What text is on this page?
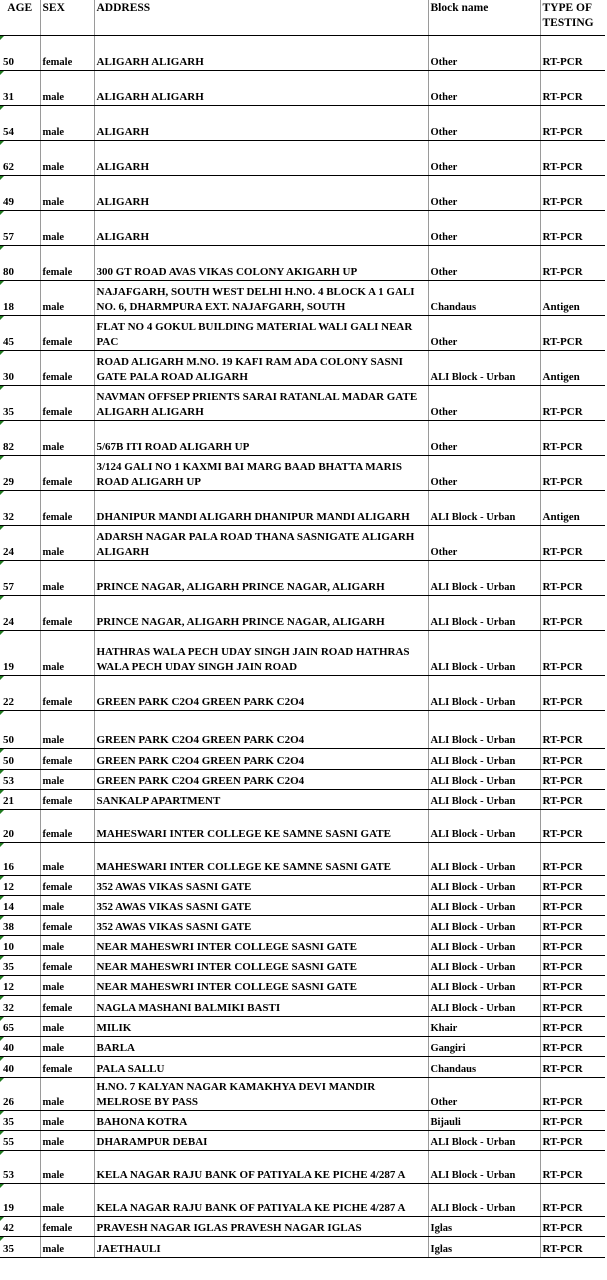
AGE	SEX	ADDRESS	Block name	TYPE OF TESTING
50	female	ALIGARH ALIGARH	Other	RT-PCR
31	male	ALIGARH ALIGARH	Other	RT-PCR
54	male	ALIGARH	Other	RT-PCR
62	male	ALIGARH	Other	RT-PCR
49	male	ALIGARH	Other	RT-PCR
57	male	ALIGARH	Other	RT-PCR
80	female	300 GT ROAD AVAS VIKAS COLONY AKIGARH UP	Other	RT-PCR
18	male	NAJAFGARH, SOUTH WEST DELHI H.NO. 4 BLOCK A 1 GALI NO. 6, DHARMPURA EXT. NAJAFGARH, SOUTH	Chandaus	Antigen
45	female	FLAT NO 4 GOKUL BUILDING MATERIAL WALI GALI NEAR PAC	Other	RT-PCR
30	female	ROAD ALIGARH M.NO. 19 KAFI RAM ADA COLONY SASNI GATE PALA ROAD ALIGARH	ALI Block - Urban	Antigen
35	female	NAVMAN OFFSEP PRIENTS SARAI RATANLAL MADAR GATE ALIGARH ALIGARH	Other	RT-PCR
82	male	5/67B ITI ROAD ALIGARH UP	Other	RT-PCR
29	female	3/124 GALI NO 1 KAXMI BAI MARG BAAD BHATTA MARIS ROAD ALIGARH UP	Other	RT-PCR
32	female	DHANIPUR MANDI ALIGARH DHANIPUR MANDI ALIGARH	ALI Block - Urban	Antigen
24	male	ADARSH NAGAR PALA ROAD THANA SASNIGATE ALIGARH ALIGARH	Other	RT-PCR
57	male	PRINCE NAGAR, ALIGARH PRINCE NAGAR, ALIGARH	ALI Block - Urban	RT-PCR
24	female	PRINCE NAGAR, ALIGARH PRINCE NAGAR, ALIGARH	ALI Block - Urban	RT-PCR
19	male	HATHRAS WALA PECH UDAY SINGH JAIN ROAD HATHRAS WALA PECH UDAY SINGH JAIN ROAD	ALI Block - Urban	RT-PCR
22	female	GREEN PARK C2O4 GREEN PARK C2O4	ALI Block - Urban	RT-PCR
50	male	GREEN PARK C2O4 GREEN PARK C2O4	ALI Block - Urban	RT-PCR
50	female	GREEN PARK C2O4 GREEN PARK C2O4	ALI Block - Urban	RT-PCR
53	male	GREEN PARK C2O4 GREEN PARK C2O4	ALI Block - Urban	RT-PCR
21	female	SANKALP APARTMENT	ALI Block - Urban	RT-PCR
20	female	MAHESWARI INTER COLLEGE KE SAMNE SASNI GATE	ALI Block - Urban	RT-PCR
16	male	MAHESWARI INTER COLLEGE KE SAMNE SASNI GATE	ALI Block - Urban	RT-PCR
12	female	352 AWAS VIKAS SASNI GATE	ALI Block - Urban	RT-PCR
14	male	352 AWAS VIKAS SASNI GATE	ALI Block - Urban	RT-PCR
38	female	352 AWAS VIKAS SASNI GATE	ALI Block - Urban	RT-PCR
10	male	NEAR MAHESWRI INTER COLLEGE SASNI GATE	ALI Block - Urban	RT-PCR
35	female	NEAR MAHESWRI INTER COLLEGE SASNI GATE	ALI Block - Urban	RT-PCR
12	male	NEAR MAHESWRI INTER COLLEGE SASNI GATE	ALI Block - Urban	RT-PCR
32	female	NAGLA MASHANI BALMIKI BASTI	ALI Block - Urban	RT-PCR
65	male	MILIK	Khair	RT-PCR
40	male	BARLA	Gangiri	RT-PCR
40	female	PALA SALLU	Chandaus	RT-PCR
26	male	H.NO. 7 KALYAN NAGAR KAMAKHYA DEVI MANDIR MELROSE BY PASS	Other	RT-PCR
35	male	BAHONA KOTRA	Bijauli	RT-PCR
55	male	DHARAMPUR DEBAI	ALI Block - Urban	RT-PCR
53	male	KELA NAGAR RAJU BANK OF PATIYALA KE PICHE 4/287 A	ALI Block - Urban	RT-PCR
19	male	KELA NAGAR RAJU BANK OF PATIYALA KE PICHE 4/287 A	ALI Block - Urban	RT-PCR
42	female	PRAVESH NAGAR IGLAS PRAVESH NAGAR IGLAS	Iglas	RT-PCR
35	male	JAETHAULI	Iglas	RT-PCR
